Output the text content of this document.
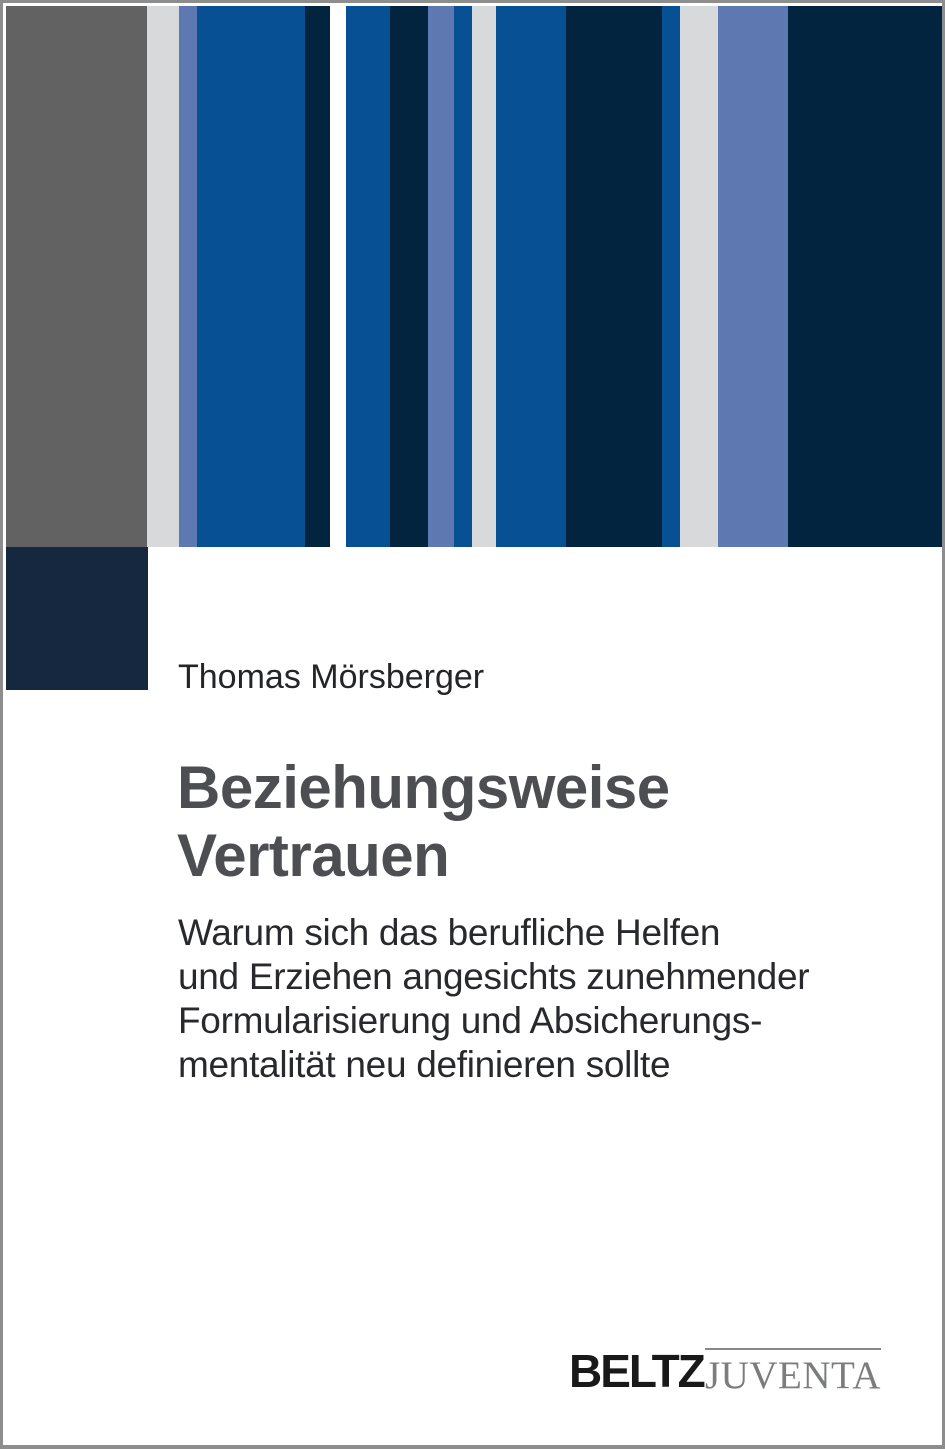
Thomas Mörsberger
Beziehungsweise
Vertrauen
Warum sich das berufliche Helfen
und Erziehen angesichts zunehmender
Formularisierung und Absicherungs-
mentalität neu definieren sollte
BELTZ JUVENTA
